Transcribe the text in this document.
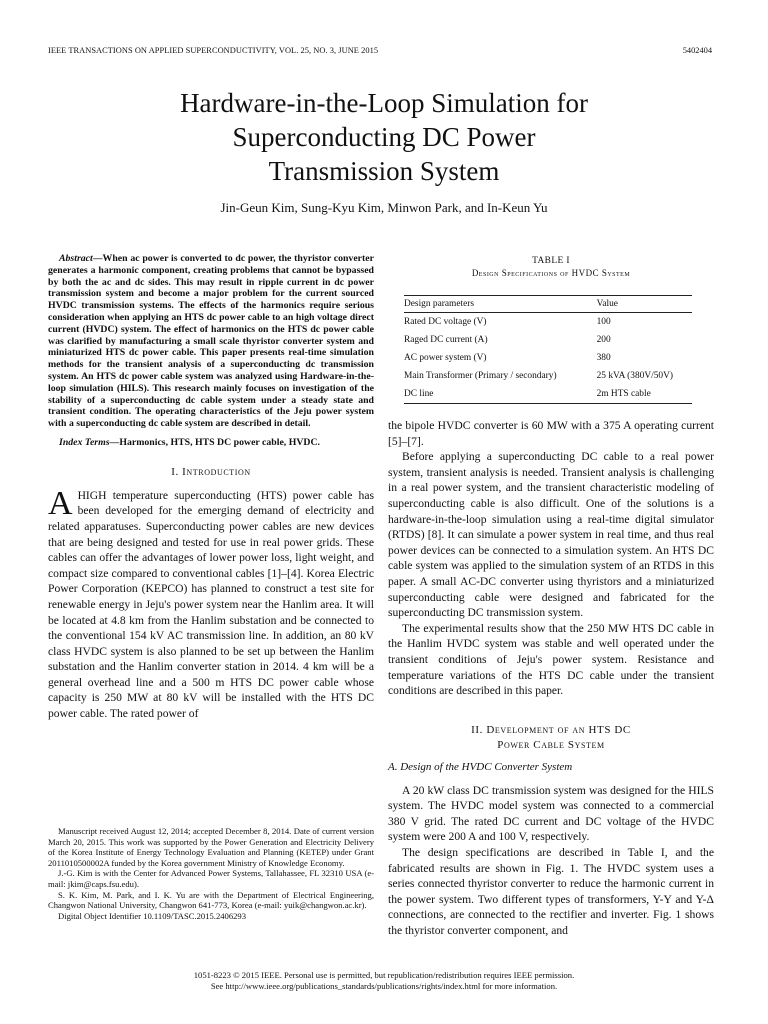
IEEE TRANSACTIONS ON APPLIED SUPERCONDUCTIVITY, VOL. 25, NO. 3, JUNE 2015	5402404
Hardware-in-the-Loop Simulation for
Superconducting DC Power
Transmission System
Jin-Geun Kim, Sung-Kyu Kim, Minwon Park, and In-Keun Yu

Abstract—When ac power is converted to dc power, the thyristor converter generates a harmonic component, creating problems that cannot be bypassed by both the ac and dc sides. This may result in ripple current in dc power transmission system and become a major problem for the current sourced HVDC transmission systems. The effects of the harmonics require serious consideration when applying an HTS dc power cable to an high voltage direct current (HVDC) system. The effect of harmonics on the HTS dc power cable was clarified by manufacturing a small scale thyristor converter system and miniaturized HTS dc power cable. This paper presents real-time simulation methods for the transient analysis of a superconducting dc transmission system. An HTS dc power cable system was analyzed using Hardware-in-the-loop simulation (HILS). This research mainly focuses on investigation of the stability of a superconducting dc cable system under a steady state and transient condition. The operating characteristics of the Jeju power system with a superconducting dc cable system are described in detail.

Index Terms—Harmonics, HTS, HTS DC power cable, HVDC.

I. Introduction

AHIGH temperature superconducting (HTS) power cable has been developed for the emerging demand of electricity and related apparatuses. Superconducting power cables are new devices that are being designed and tested for use in real power grids. These cables can offer the advantages of lower power loss, light weight, and compact size compared to conventional cables [1]–[4]. Korea Electric Power Corporation (KEPCO) has planned to construct a test site for renewable energy in Jeju's power system near the Hanlim area. It will be located at 4.8 km from the Hanlim substation and be connected to the conventional 154 kV AC transmission line. In addition, an 80 kV class HVDC system is also planned to be set up between the Hanlim substation and the Hanlim converter station in 2014. 4 km will be a general overhead line and a 500 m HTS DC power cable whose capacity is 250 MW at 80 kV will be installed with the HTS DC power cable. The rated power of

Manuscript received August 12, 2014; accepted December 8, 2014. Date of current version March 20, 2015. This work was supported by the Power Generation and Electricity Delivery of the Korea Institute of Energy Technology Evaluation and Planning (KETEP) under Grant 2011010500002A funded by the Korea government Ministry of Knowledge Economy.

J.-G. Kim is with the Center for Advanced Power Systems, Tallahassee, FL 32310 USA (e-mail: jkim@caps.fsu.edu).

S. K. Kim, M. Park, and I. K. Yu are with the Department of Electrical Engineering, Changwon National University, Changwon 641-773, Korea (e-mail: yuik@changwon.ac.kr).

Digital Object Identifier 10.1109/TASC.2015.2406293

TABLE I
Design Specifications of HVDC System
Design parameters	Value
Rated DC voltage (V)	100
Raged DC current (A)	200
AC power system (V)	380
Main Transformer (Primary / secondary)	25 kVA (380V/50V)
DC line	2m HTS cable

the bipole HVDC converter is 60 MW with a 375 A operating current [5]–[7].

Before applying a superconducting DC cable to a real power system, transient analysis is needed. Transient analysis is challenging in a real power system, and the transient characteristic modeling of superconducting cable is also difficult. One of the solutions is a hardware-in-the-loop simulation using a real-time digital simulator (RTDS) [8]. It can simulate a power system in real time, and thus real power devices can be connected to a simulation system. An HTS DC cable system was applied to the simulation system of an RTDS in this paper. A small AC-DC converter using thyristors and a miniaturized superconducting cable were designed and fabricated for the superconducting DC transmission system.

The experimental results show that the 250 MW HTS DC cable in the Hanlim HVDC system was stable and well operated under the transient conditions of Jeju's power system. Resistance and temperature variations of the HTS DC cable under the transient conditions are described in this paper.

II. Development of an HTS DC
Power Cable System
A. Design of the HVDC Converter System

A 20 kW class DC transmission system was designed for the HILS system. The HVDC model system was connected to a commercial 380 V grid. The rated DC current and DC voltage of the HVDC system were 200 A and 100 V, respectively.

The design specifications are described in Table I, and the fabricated results are shown in Fig. 1. The HVDC system uses a series connected thyristor converter to reduce the harmonic current in the power system. Two different types of transformers, Y-Y and Y-Δ connections, are connected to the rectifier and inverter. Fig. 1 shows the thyristor converter component, and

1051-8223 © 2015 IEEE. Personal use is permitted, but republication/redistribution requires IEEE permission.
See http://www.ieee.org/publications_standards/publications/rights/index.html for more information.
